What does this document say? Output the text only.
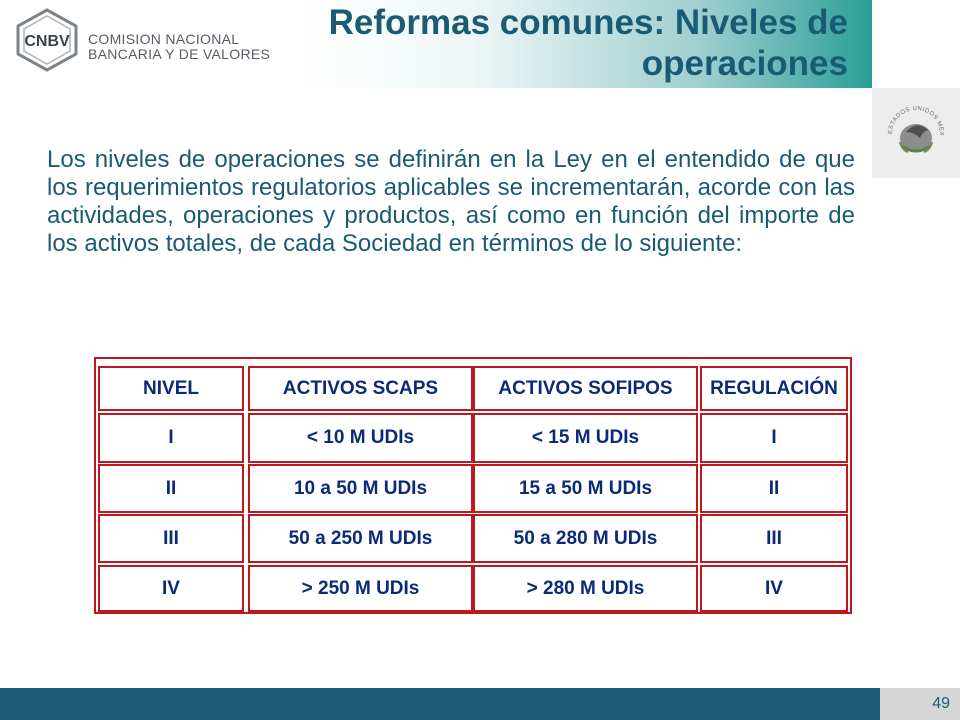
Reformas comunes: Niveles de operaciones
CNBV COMISION NACIONAL
BANCARIA Y DE VALORES
ESTADOS UNIDOS MEX

Los niveles de operaciones se definirán en la Ley en el entendido de que los requerimientos regulatorios aplicables se incrementarán, acorde con las actividades, operaciones y productos, así como en función del importe de los activos totales, de cada Sociedad en términos de lo siguiente:

NIVEL	ACTIVOS SCAPS	ACTIVOS SOFIPOS	REGULACIÓN
I	< 10 M UDIs	< 15 M UDIs	I
II	10 a 50 M UDIs	15 a 50 M UDIs	II
III	50 a 250 M UDIs	50 a 280 M UDIs	III
IV	> 250 M UDIs	> 280 M UDIs	IV
49
